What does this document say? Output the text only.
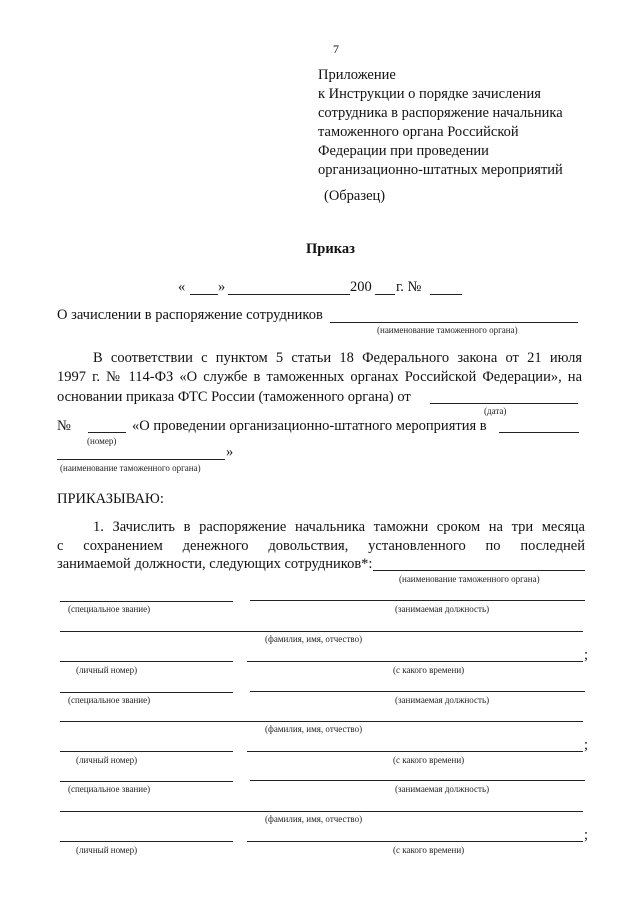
7
Приложение
к Инструкции о порядке зачисления
сотрудника в распоряжение начальника
таможенного органа Российской
Федерации при проведении
организационно-штатных мероприятий
(Образец)
Приказ
« »	200 г. №
О зачислении в распоряжение сотрудников
(наименование таможенного органа)
В соответствии с пунктом 5 статьи 18 Федерального закона от 21 июля
1997 г. № 114-ФЗ «О службе в таможенных органах Российской Федерации», на
основании приказа ФТС России (таможенного органа) от
(дата)
№	«О проведении организационно-штатного мероприятия в
(номер)
»
(наименование таможенного органа)
ПРИКАЗЫВАЮ:
1. Зачислить в распоряжение начальника таможни сроком на три месяца
с сохранением денежного довольствия, установленного по последней
занимаемой должности, следующих сотрудников*:
(наименование таможенного органа)
(специальное звание)	(занимаемая должность)
(фамилия, имя, отчество)
;
(личный номер)	(с какого времени)
(специальное звание)	(занимаемая должность)
(фамилия, имя, отчество)
;
(личный номер)	(с какого времени)
(специальное звание)	(занимаемая должность)
(фамилия, имя, отчество)
;
(личный номер)	(с какого времени)
